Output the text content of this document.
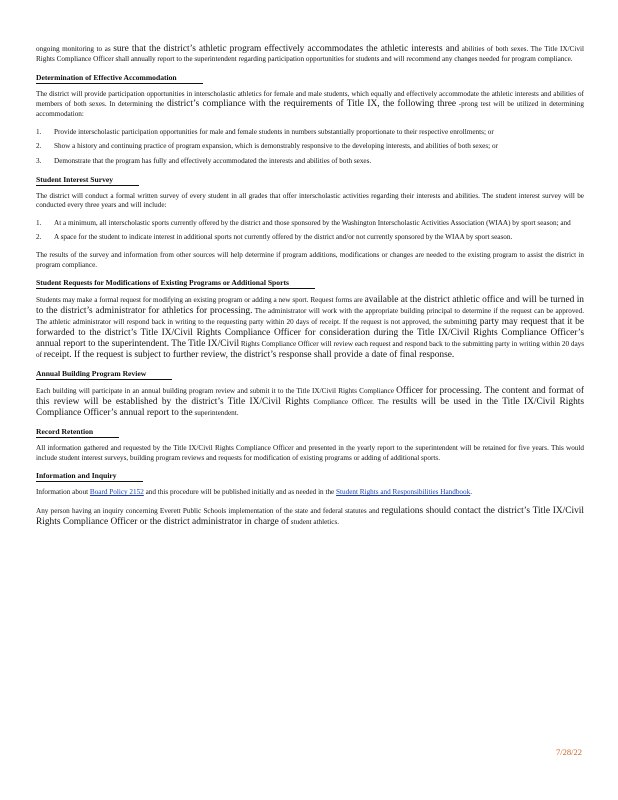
ongoing monitoring to as sure that the district’s athletic program effectively accommodates the athletic interests and abilities of both sexes. The Title IX/Civil Rights Compliance Officer shall annually report to the superintendent regarding participation opportunities for students and will recommend any changes needed for program compliance.

Determination of Effective Accommodation

The district will provide participation opportunities in interscholastic athletics for female and male students, which equally and effectively accommodate the athletic interests and abilities of members of both sexes. In determining the district’s compliance with the requirements of Title IX, the following three -prong test will be utilized in determining accommodation:

1.	Provide interscholastic participation opportunities for male and female students in numbers substantially proportionate to their respective enrollments; or
2.	Show a history and continuing practice of program expansion, which is demonstrably responsive to the developing interests, and abilities of both sexes; or
3.	Demonstrate that the program has fully and effectively accommodated the interests and abilities of both sexes.
Student Interest Survey

The district will conduct a formal written survey of every student in all grades that offer interscholastic activities regarding their interests and abilities. The student interest survey will be conducted every three years and will include:

1.	At a minimum, all interscholastic sports currently offered by the district and those sponsored by the Washington Interscholastic Activities Association (WIAA) by sport season; and
2.	A space for the student to indicate interest in additional sports not currently offered by the district and/or not currently sponsored by the WIAA by sport season.

The results of the survey and information from other sources will help determine if program additions, modifications or changes are needed to the existing program to assist the district in program compliance.

Student Requests for Modifications of Existing Programs or Additional Sports

Students may make a formal request for modifying an existing program or adding a new sport. Request forms are available at the district athletic office and will be turned in to the district’s administrator for athletics for processing. The administrator will work with the appropriate building principal to determine if the request can be approved. The athletic administrator will respond back in writing to the requesting party within 20 days of receipt. If the request is not approved, the submitting party may request that it be forwarded to the district’s Title IX/Civil Rights Compliance Officer for consideration during the Title IX/Civil Rights Compliance Officer’s annual report to the superintendent. The Title IX/Civil Rights Compliance Officer will review each request and respond back to the submitting party in writing within 20 days of receipt. If the request is subject to further review, the district’s response shall provide a date of final response.

Annual Building Program Review

Each building will participate in an annual building program review and submit it to the Title IX/Civil Rights Compliance Officer for processing. The content and format of this review will be established by the district’s Title IX/Civil Rights Compliance Officer. The results will be used in the Title IX/Civil Rights Compliance Officer’s annual report to the superintendent.

Record Retention

All information gathered and requested by the Title IX/Civil Rights Compliance Officer and presented in the yearly report to the superintendent will be retained for five years. This would include student interest surveys, building program reviews and requests for modification of existing programs or adding of additional sports.

Information and Inquiry

Information about Board Policy 2152 and this procedure will be published initially and as needed in the Student Rights and Responsibilities Handbook.

Any person having an inquiry concerning Everett Public Schools implementation of the state and federal statutes and regulations should contact the district’s Title IX/Civil Rights Compliance Officer or the district administrator in charge of student athletics.

7/28/22
